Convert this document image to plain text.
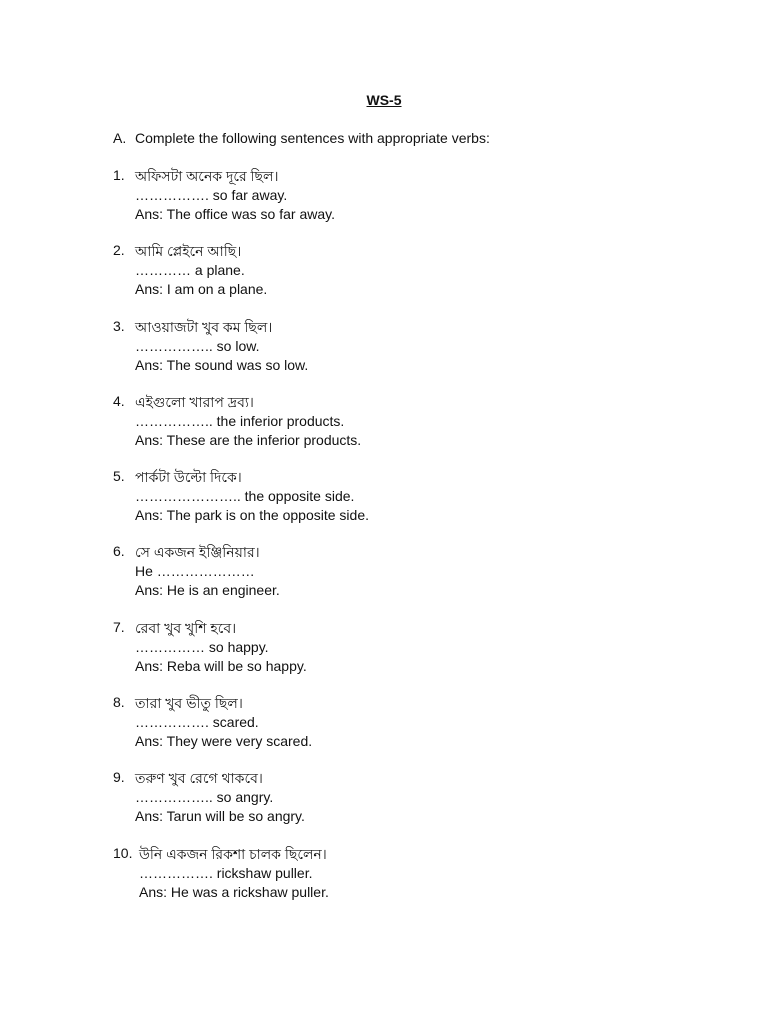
WS-5
A. Complete the following sentences with appropriate verbs:
1. অফিসটা অনেক দূরে ছিল।
……………. so far away.
Ans: The office was so far away.
2. আমি প্লেইনে আছি।
………… a plane.
Ans: I am on a plane.
3. আওয়াজটা খুব কম ছিল।
…………….. so low.
Ans: The sound was so low.
4. এইগুলো খারাপ দ্রব্য।
…………….. the inferior products.
Ans: These are the inferior products.
5. পার্কটা উল্টো দিকে।
………………….. the opposite side.
Ans: The park is on the opposite side.
6. সে একজন ইঞ্জিনিয়ার।
He …………………
Ans: He is an engineer.
7. রেবা খুব খুশি হবে।
…………… so happy.
Ans: Reba will be so happy.
8. তারা খুব ভীতু ছিল।
……………. scared.
Ans: They were very scared.
9. তরুণ খুব রেগে থাকবে।
…………….. so angry.
Ans: Tarun will be so angry.
10. উনি একজন রিকশা চালক ছিলেন।
……………. rickshaw puller.
Ans: He was a rickshaw puller.
